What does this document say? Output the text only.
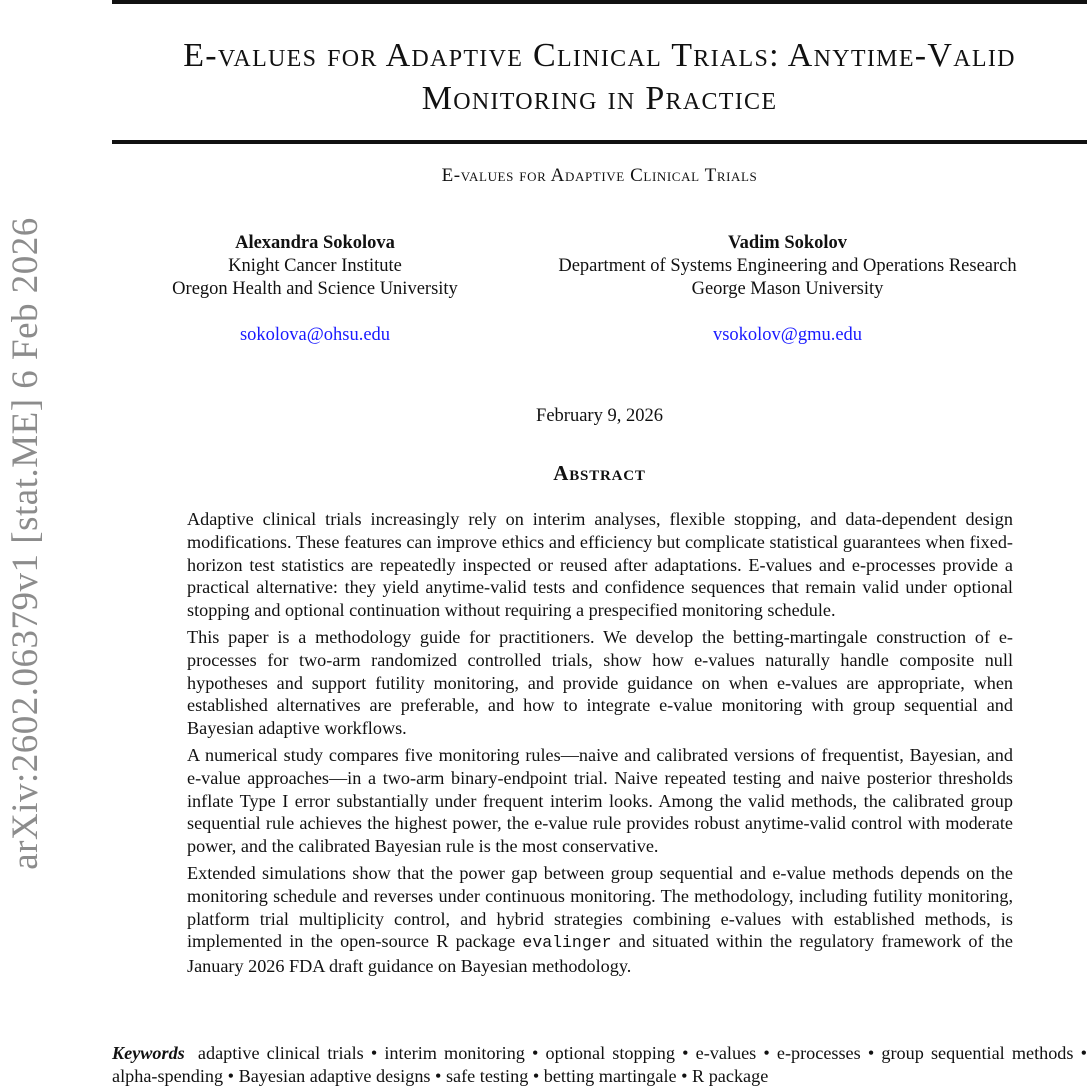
arXiv:2602.06379v1 [stat.ME] 6 Feb 2026
E-values for Adaptive Clinical Trials: Anytime-Valid
Monitoring in Practice
E-values for Adaptive Clinical Trials
Alexandra Sokolova
Knight Cancer Institute
Oregon Health and Science University
sokolova@ohsu.edu
Vadim Sokolov
Department of Systems Engineering and Operations Research
George Mason University
vsokolov@gmu.edu
February 9, 2026
Abstract

Adaptive clinical trials increasingly rely on interim analyses, flexible stopping, and data-dependent design modifications. These features can improve ethics and efficiency but complicate statistical guarantees when fixed-horizon test statistics are repeatedly inspected or reused after adaptations. E-values and e-processes provide a practical alternative: they yield anytime-valid tests and confidence sequences that remain valid under optional stopping and optional continuation without requiring a prespecified monitoring schedule.

This paper is a methodology guide for practitioners. We develop the betting-martingale construction of e-processes for two-arm randomized controlled trials, show how e-values naturally handle composite null hypotheses and support futility monitoring, and provide guidance on when e-values are appropriate, when established alternatives are preferable, and how to integrate e-value monitoring with group sequential and Bayesian adaptive workflows.

A numerical study compares five monitoring rules—naive and calibrated versions of frequentist, Bayesian, and e-value approaches—in a two-arm binary-endpoint trial. Naive repeated testing and naive posterior thresholds inflate Type I error substantially under frequent interim looks. Among the valid methods, the calibrated group sequential rule achieves the highest power, the e-value rule provides robust anytime-valid control with moderate power, and the calibrated Bayesian rule is the most conservative.

Extended simulations show that the power gap between group sequential and e-value methods depends on the monitoring schedule and reverses under continuous monitoring. The methodology, including futility monitoring, platform trial multiplicity control, and hybrid strategies combining e-values with established methods, is implemented in the open-source R package evalinger and situated within the regulatory framework of the January 2026 FDA draft guidance on Bayesian methodology.

Keywords adaptive clinical trials • interim monitoring • optional stopping • e-values • e-processes • group sequential methods • alpha-spending • Bayesian adaptive designs • safe testing • betting martingale • R package
